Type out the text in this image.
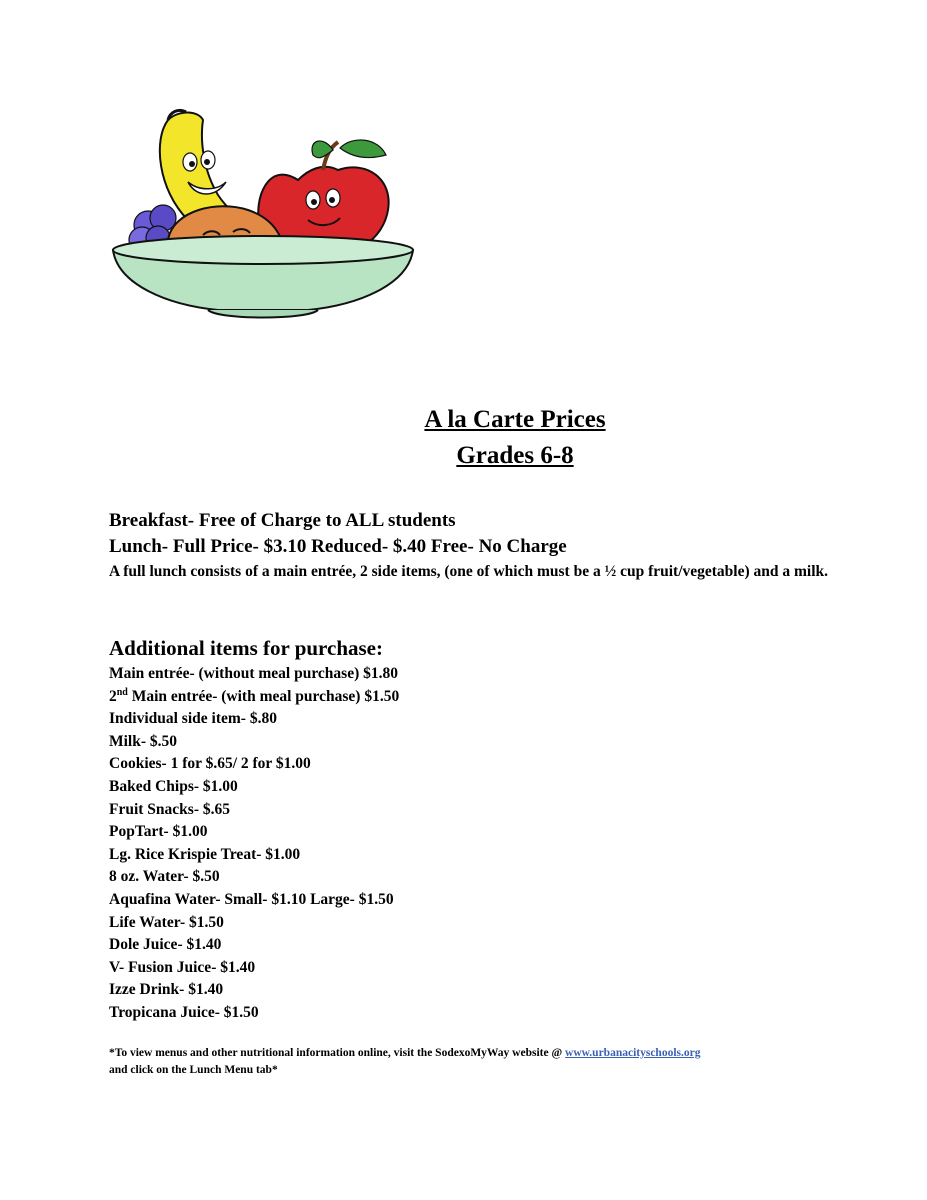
A la Carte Prices

Grades 6-8

Breakfast- Free of Charge to ALL students

Lunch- Full Price- $3.10 Reduced- $.40 Free- No Charge

A full lunch consists of a main entrée, 2 side items, (one of which must be a ½ cup fruit/vegetable) and a milk.

Additional items for purchase:

Main entrée- (without meal purchase) $1.80
2nd Main entrée- (with meal purchase) $1.50
Individual side item- $.80
Milk- $.50
Cookies- 1 for $.65/ 2 for $1.00
Baked Chips- $1.00
Fruit Snacks- $.65
PopTart- $1.00
Lg. Rice Krispie Treat- $1.00
8 oz. Water- $.50
Aquafina Water- Small- $1.10 Large- $1.50
Life Water- $1.50
Dole Juice- $1.40
V- Fusion Juice- $1.40
Izze Drink- $1.40
Tropicana Juice- $1.50
*To view menus and other nutritional information online, visit the SodexoMyWay website @ www.urbanacityschools.org
and click on the Lunch Menu tab*
